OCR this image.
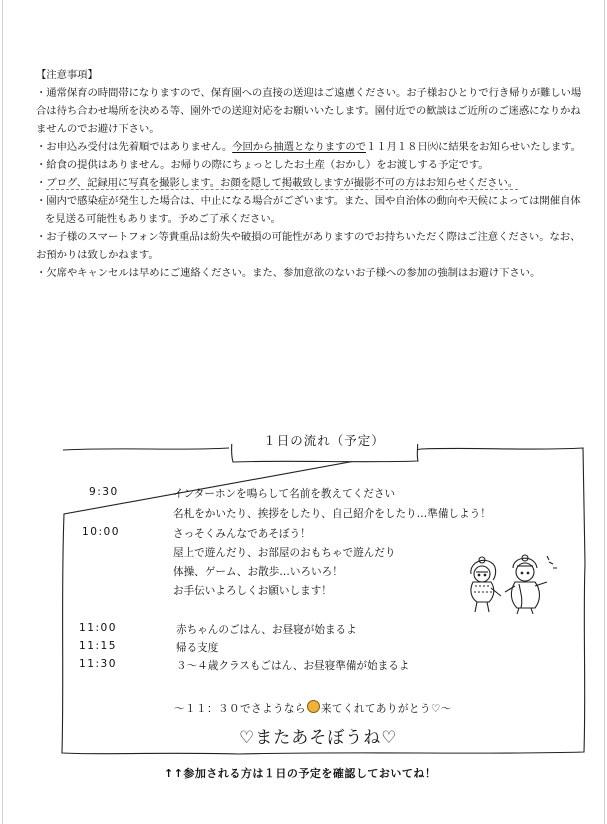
【注意事項】
・通常保育の時間帯になりますので、保育園への直接の送迎はご遠慮ください。お子様おひとりで行き帰りが難しい場合は待ち合わせ場所を決める等、園外での送迎対応をお願いいたします。園付近での歓談はご近所のご迷惑になりかねませんのでお避け下さい。
・お申込み受付は先着順ではありません。今回から抽選となりますので１１月１８日㈫に結果をお知らせいたします。
・給食の提供はありません。お帰りの際にちょっとしたお土産（おかし）をお渡しする予定です。
・ブログ、記録用に写真を撮影します。お顔を隠して掲載致しますが撮影不可の方はお知らせください。
・園内で感染症が発生した場合は、中止になる場合がございます。また、国や自治体の動向や天候によっては開催自体を見送る可能性もあります。予めご了承ください。
・お子様のスマートフォン等貴重品は紛失や破損の可能性がありますのでお持ちいただく際はご注意ください。なお、お預かりは致しかねます。
・欠席やキャンセルは早めにご連絡ください。また、参加意欲のないお子様への参加の強制はお避け下さい。
１日の流れ（予定）
9:30	インターホンを鳴らして名前を教えてください
名札をかいたり、挨拶をしたり、自己紹介をしたり…準備しよう！
10:00	さっそくみんなであそぼう！
屋上で遊んだり、お部屋のおもちゃで遊んだり
体操、ゲーム、お散歩…いろいろ！
お手伝いよろしくお願いします！
11:00	赤ちゃんのごはん、お昼寝が始まるよ
11:15	帰る支度
11:30	３～４歳クラスもごはん、お昼寝準備が始まるよ
～１１：３０でさようなら 来てくれてありがとう♡～
♡またあそぼうね♡
↑↑参加される方は１日の予定を確認しておいてね！
